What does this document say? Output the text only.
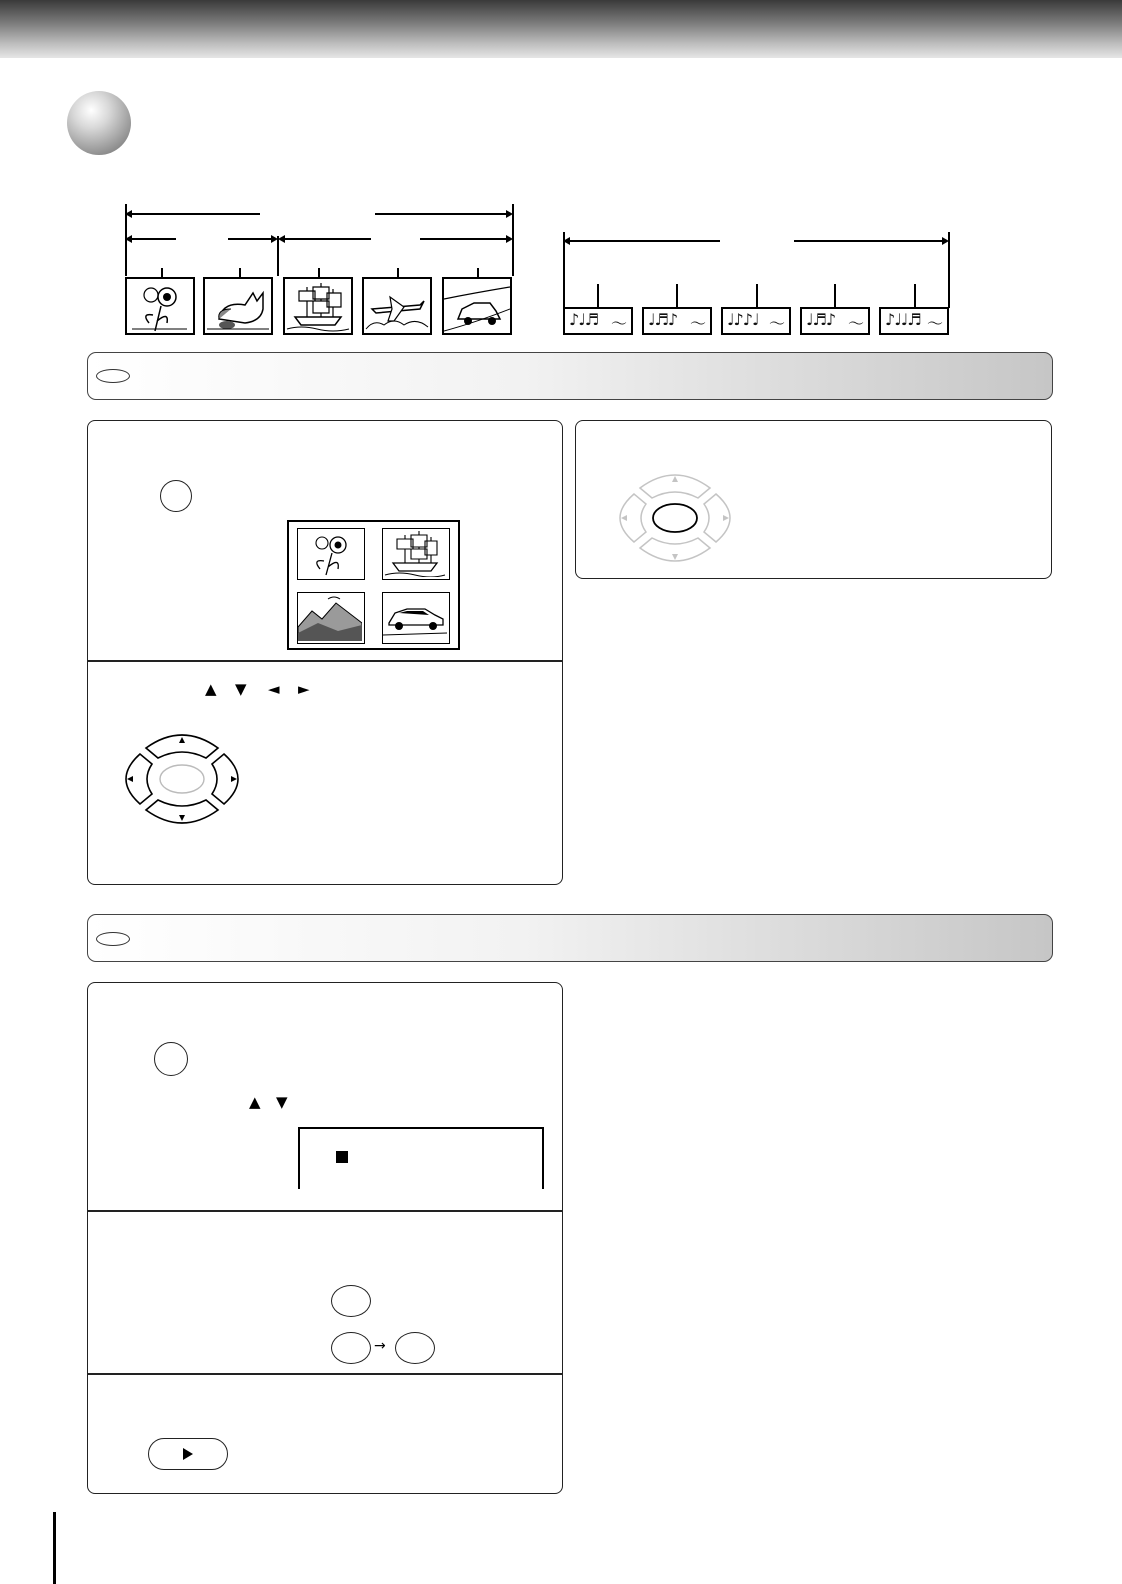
♪♩♬ ～ ♩♬♪ ～ ♩♪♪♩ ～ ♩♬♪ ～ ♪♩♩♬ ～
▲ ▼ ◄ ►
▲ ▼
→
